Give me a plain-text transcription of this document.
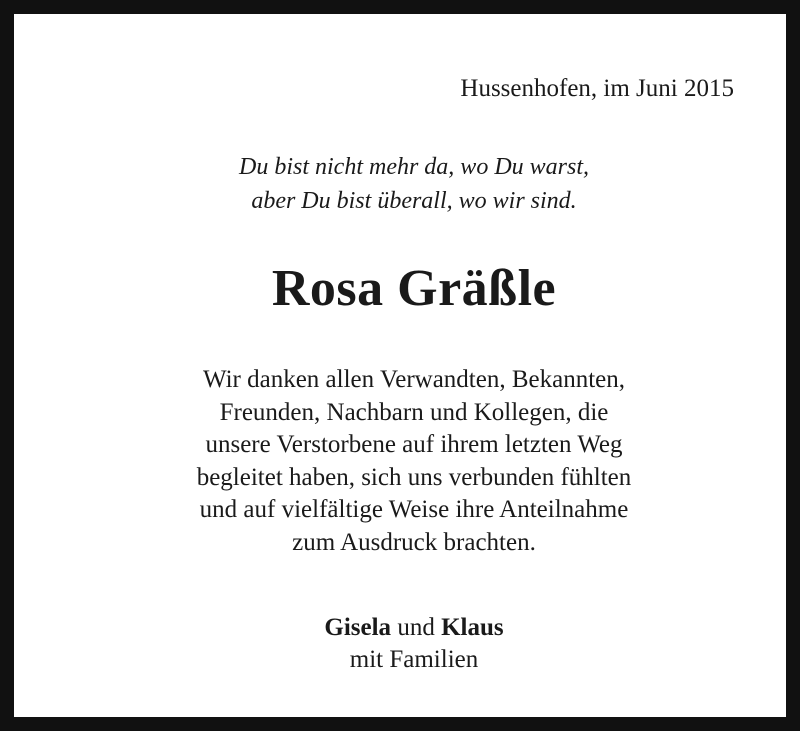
Hussenhofen, im Juni 2015
Du bist nicht mehr da, wo Du warst,
aber Du bist überall, wo wir sind.
Rosa Gräßle
Wir danken allen Verwandten, Bekannten,
Freunden, Nachbarn und Kollegen, die
unsere Verstorbene auf ihrem letzten Weg
begleitet haben, sich uns verbunden fühlten
und auf vielfältige Weise ihre Anteilnahme
zum Ausdruck brachten.
Gisela und Klaus
mit Familien
